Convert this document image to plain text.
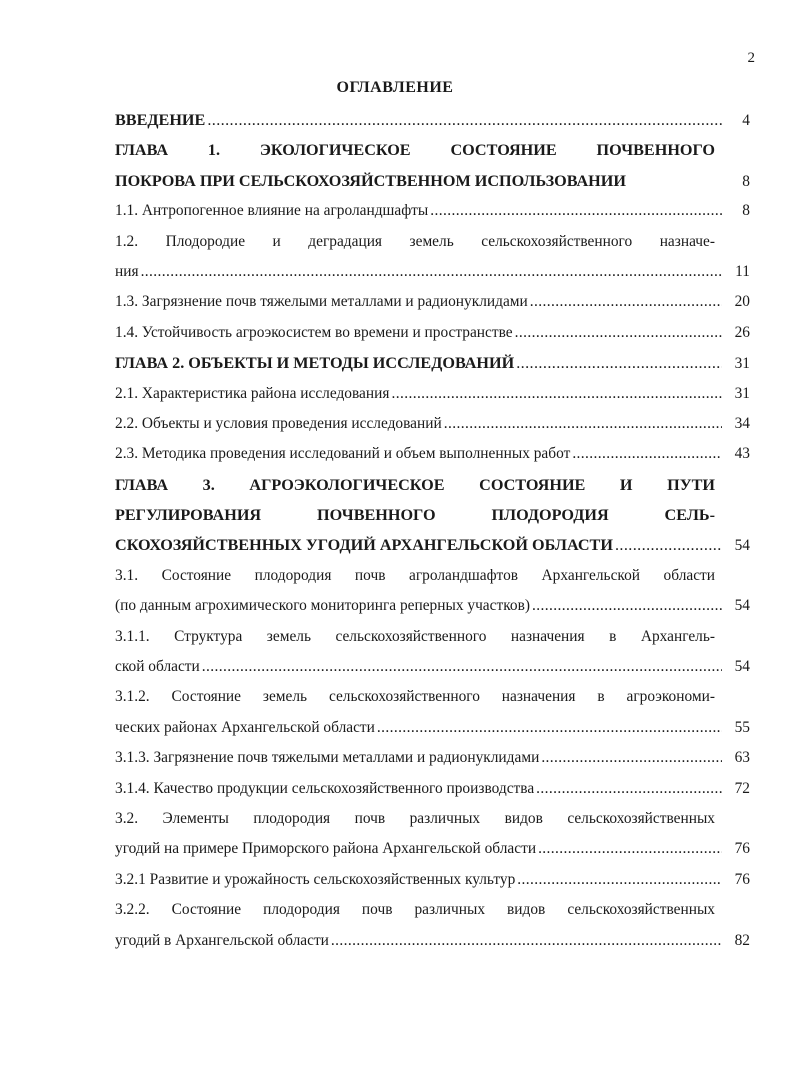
2
ОГЛАВЛЕНИЕ
ВВЕДЕНИЕ .....	4
ГЛАВА 1. ЭКОЛОГИЧЕСКОЕ СОСТОЯНИЕ ПОЧВЕННОГО
ПОКРОВА ПРИ СЕЛЬСКОХОЗЯЙСТВЕННОМ ИСПОЛЬЗОВАНИИ	8
1.1. Антропогенное влияние на агроландшафты .....	8
1.2. Плодородие и деградация земель сельскохозяйственного назначе-
ния .....	11
1.3. Загрязнение почв тяжелыми металлами и радионуклидами .....	20
1.4. Устойчивость агроэкосистем во времени и пространстве .....	26
ГЛАВА 2. ОБЪЕКТЫ И МЕТОДЫ ИССЛЕДОВАНИЙ .....	31
2.1. Характеристика района исследования .....	31
2.2. Объекты и условия проведения исследований .....	34
2.3. Методика проведения исследований и объем выполненных работ .....	43
ГЛАВА 3. АГРОЭКОЛОГИЧЕСКОЕ СОСТОЯНИЕ И ПУТИ
РЕГУЛИРОВАНИЯ ПОЧВЕННОГО ПЛОДОРОДИЯ СЕЛЬ-
СКОХОЗЯЙСТВЕННЫХ УГОДИЙ АРХАНГЕЛЬСКОЙ ОБЛАСТИ .....	54
3.1. Состояние плодородия почв агроландшафтов Архангельской области
(по данным агрохимического мониторинга реперных участков) .....	54
3.1.1. Структура земель сельскохозяйственного назначения в Архангель-
ской области .....	54
3.1.2. Состояние земель сельскохозяйственного назначения в агроэкономи-
ческих районах Архангельской области .....	55
3.1.3. Загрязнение почв тяжелыми металлами и радионуклидами .....	63
3.1.4. Качество продукции сельскохозяйственного производства .....	72
3.2. Элементы плодородия почв различных видов сельскохозяйственных
угодий на примере Приморского района Архангельской области .....	76
3.2.1 Развитие и урожайность сельскохозяйственных культур .....	76
3.2.2. Состояние плодородия почв различных видов сельскохозяйственных
угодий в Архангельской области .....	82
